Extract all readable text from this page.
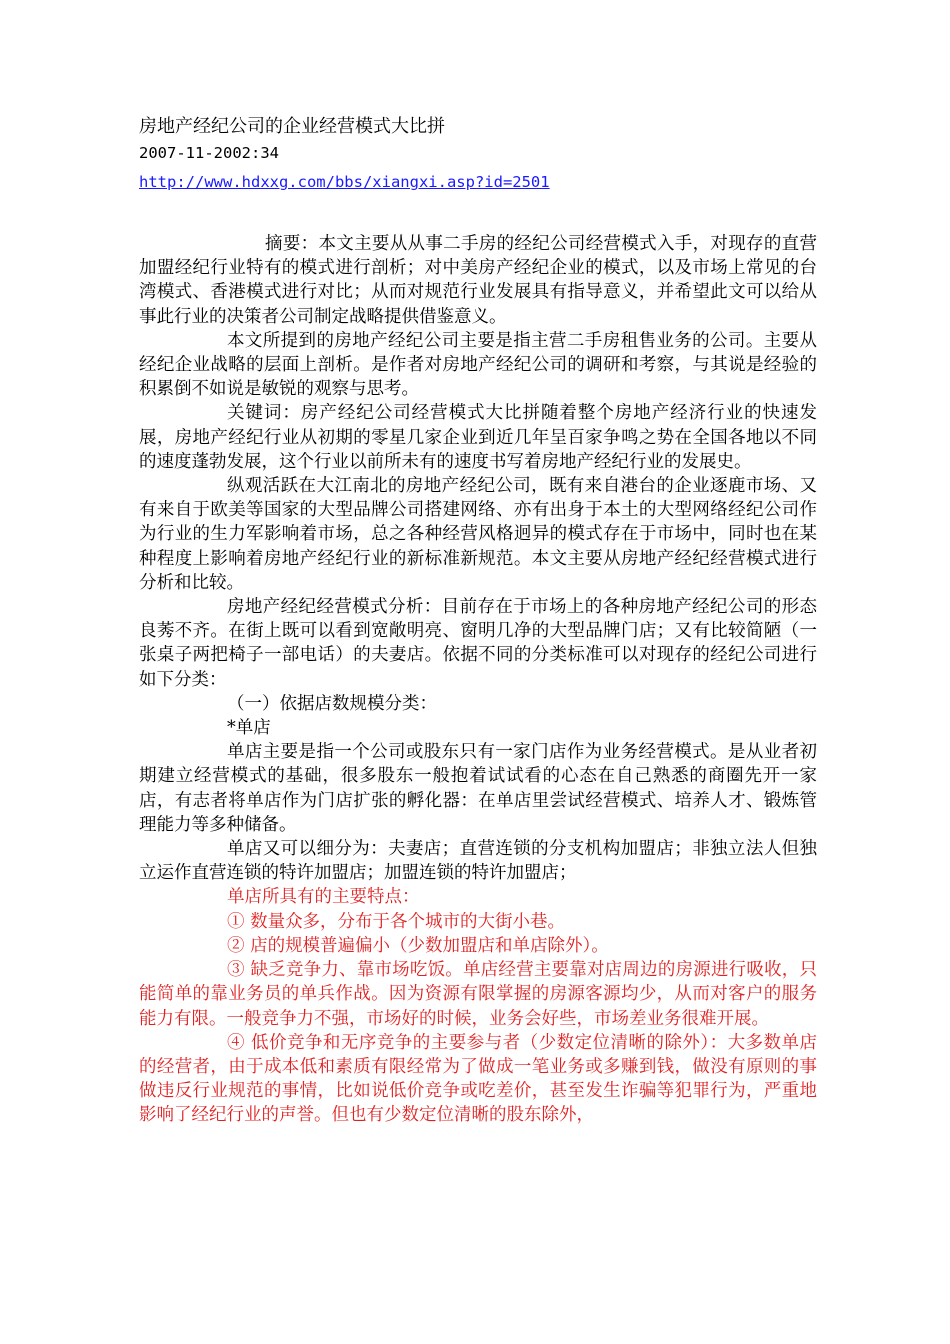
房地产经纪公司的企业经营模式大比拼

2007-11-2002:34

http://www.hdxxg.com/bbs/xiangxi.asp?id=2501

摘要：本文主要从从事二手房的经纪公司经营模式入手，对现存的直营加盟经纪行业特有的模式进行剖析；对中美房产经纪企业的模式，以及市场上常见的台湾模式、香港模式进行对比；从而对规范行业发展具有指导意义，并希望此文可以给从事此行业的决策者公司制定战略提供借鉴意义。

本文所提到的房地产经纪公司主要是指主营二手房租售业务的公司。主要从经纪企业战略的层面上剖析。是作者对房地产经纪公司的调研和考察，与其说是经验的积累倒不如说是敏锐的观察与思考。

关键词：房产经纪公司经营模式大比拼随着整个房地产经济行业的快速发展，房地产经纪行业从初期的零星几家企业到近几年呈百家争鸣之势在全国各地以不同的速度蓬勃发展，这个行业以前所未有的速度书写着房地产经纪行业的发展史。

纵观活跃在大江南北的房地产经纪公司，既有来自港台的企业逐鹿市场、又有来自于欧美等国家的大型品牌公司搭建网络、亦有出身于本土的大型网络经纪公司作为行业的生力军影响着市场，总之各种经营风格迥异的模式存在于市场中，同时也在某种程度上影响着房地产经纪行业的新标准新规范。本文主要从房地产经纪经营模式进行分析和比较。

房地产经纪经营模式分析：目前存在于市场上的各种房地产经纪公司的形态良莠不齐。在街上既可以看到宽敞明亮、窗明几净的大型品牌门店；又有比较简陋（一张桌子两把椅子一部电话）的夫妻店。依据不同的分类标准可以对现存的经纪公司进行如下分类：

（一）依据店数规模分类：

*单店

单店主要是指一个公司或股东只有一家门店作为业务经营模式。是从业者初期建立经营模式的基础，很多股东一般抱着试试看的心态在自己熟悉的商圈先开一家店，有志者将单店作为门店扩张的孵化器：在单店里尝试经营模式、培养人才、锻炼管理能力等多种储备。

单店又可以细分为：夫妻店；直营连锁的分支机构加盟店；非独立法人但独立运作直营连锁的特许加盟店；加盟连锁的特许加盟店；

单店所具有的主要特点：

① 数量众多，分布于各个城市的大街小巷。

② 店的规模普遍偏小（少数加盟店和单店除外）。

③ 缺乏竞争力、靠市场吃饭。单店经营主要靠对店周边的房源进行吸收，只能简单的靠业务员的单兵作战。因为资源有限掌握的房源客源均少，从而对客户的服务能力有限。一般竞争力不强，市场好的时候，业务会好些，市场差业务很难开展。

④ 低价竞争和无序竞争的主要参与者（少数定位清晰的除外）：大多数单店的经营者，由于成本低和素质有限经常为了做成一笔业务或多赚到钱，做没有原则的事做违反行业规范的事情，比如说低价竞争或吃差价，甚至发生诈骗等犯罪行为，严重地影响了经纪行业的声誉。但也有少数定位清晰的股东除外，
